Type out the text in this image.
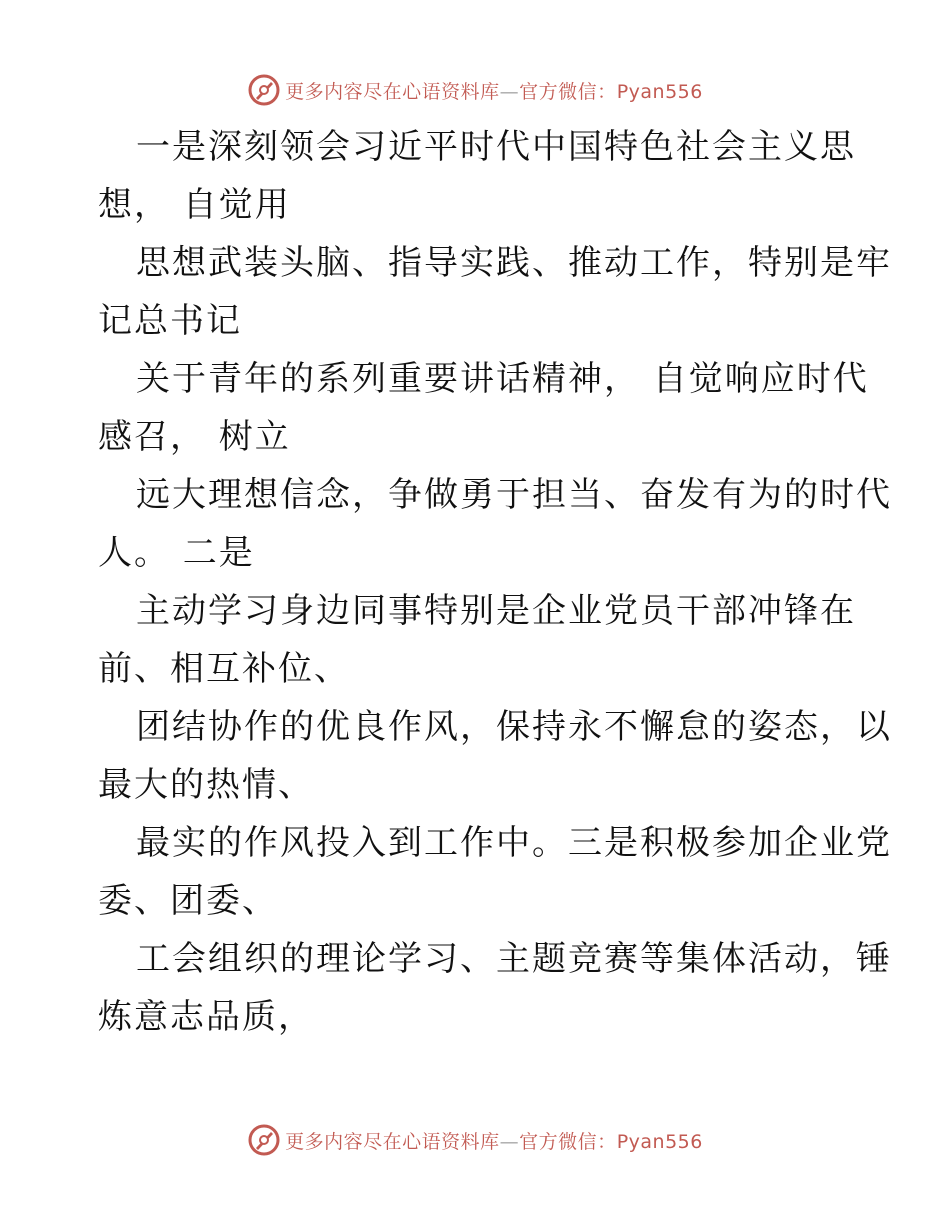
更多内容尽在心语资料库—官方微信：Pyan556
一是深刻领会习近平时代中国特色社会主义思
想， 自觉用
思想武装头脑、指导实践、推动工作，特别是牢
记总书记
关于青年的系列重要讲话精神， 自觉响应时代
感召， 树立
远大理想信念，争做勇于担当、奋发有为的时代
人。 二是
主动学习身边同事特别是企业党员干部冲锋在
前、相互补位、
团结协作的优良作风，保持永不懈怠的姿态，以
最大的热情、
最实的作风投入到工作中。三是积极参加企业党
委、团委、
工会组织的理论学习、主题竞赛等集体活动，锤
炼意志品质，
更多内容尽在心语资料库—官方微信：Pyan556
